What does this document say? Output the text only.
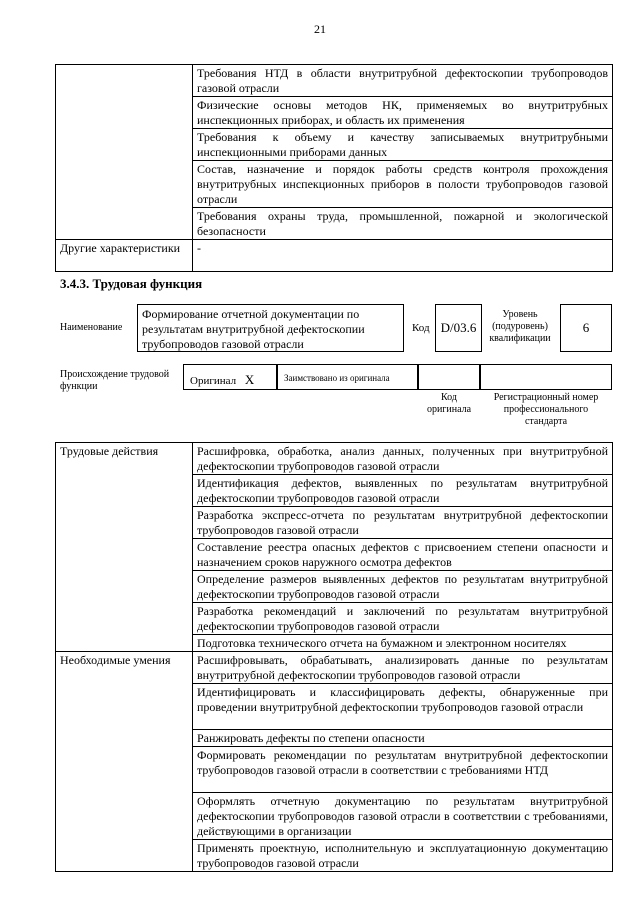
21
	Требования НТД в области внутритрубной дефектоскопии трубопроводов газовой отрасли
	Физические основы методов НК, применяемых во внутритрубных инспекционных приборах, и область их применения
	Требования к объему и качеству записываемых внутритрубными инспекционными приборами данных
	Состав, назначение и порядок работы средств контроля прохождения внутритрубных инспекционных приборов в полости трубопроводов газовой отрасли
	Требования охраны труда, промышленной, пожарной и экологической безопасности
Другие характеристики	-
3.4.3. Трудовая функция
Наименование
Формирование отчетной документации по результатам внутритрубной дефектоскопии трубопроводов газовой отрасли
Код D/03.6
Уровень (подуровень) квалификации
6
Происхождение трудовой функции	Оригинал X	Заимствовано из оригинала
Код оригинала
Регистрационный номер профессионального стандарта
Трудовые действия	Расшифровка, обработка, анализ данных, полученных при внутритрубной дефектоскопии трубопроводов газовой отрасли
	Идентификация дефектов, выявленных по результатам внутритрубной дефектоскопии трубопроводов газовой отрасли
	Разработка экспресс-отчета по результатам внутритрубной дефектоскопии трубопроводов газовой отрасли
	Составление реестра опасных дефектов с присвоением степени опасности и назначением сроков наружного осмотра дефектов
	Определение размеров выявленных дефектов по результатам внутритрубной дефектоскопии трубопроводов газовой отрасли
	Разработка рекомендаций и заключений по результатам внутритрубной дефектоскопии трубопроводов газовой отрасли
	Подготовка технического отчета на бумажном и электронном носителях
Необходимые умения	Расшифровывать, обрабатывать, анализировать данные по результатам внутритрубной дефектоскопии трубопроводов газовой отрасли
	Идентифицировать и классифицировать дефекты, обнаруженные при проведении внутритрубной дефектоскопии трубопроводов газовой отрасли
	Ранжировать дефекты по степени опасности
	Формировать рекомендации по результатам внутритрубной дефектоскопии трубопроводов газовой отрасли в соответствии с требованиями НТД
	Оформлять отчетную документацию по результатам внутритрубной дефектоскопии трубопроводов газовой отрасли в соответствии с требованиями, действующими в организации
	Применять проектную, исполнительную и эксплуатационную документацию трубопроводов газовой отрасли
